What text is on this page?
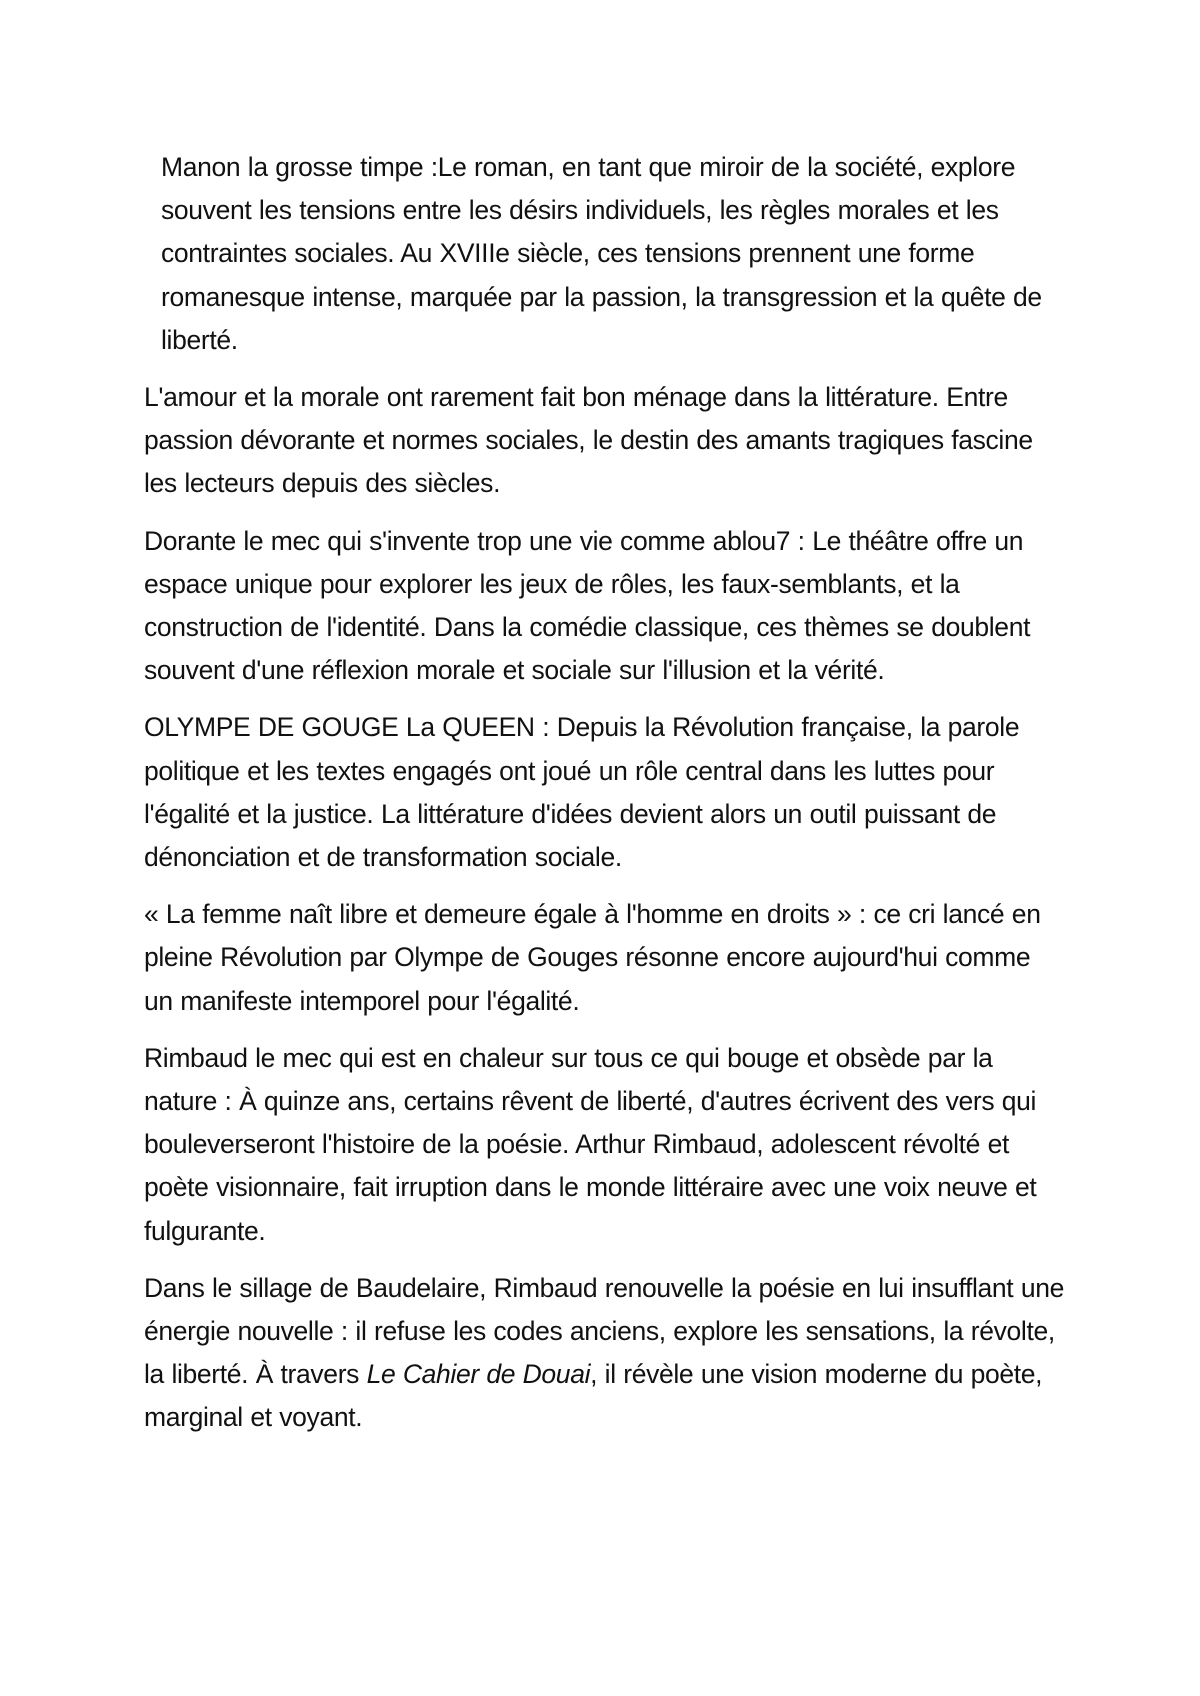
Manon la grosse timpe :Le roman, en tant que miroir de la société, explore souvent les tensions entre les désirs individuels, les règles morales et les contraintes sociales. Au XVIIIe siècle, ces tensions prennent une forme romanesque intense, marquée par la passion, la transgression et la quête de liberté.

L'amour et la morale ont rarement fait bon ménage dans la littérature. Entre passion dévorante et normes sociales, le destin des amants tragiques fascine les lecteurs depuis des siècles.

Dorante le mec qui s'invente trop une vie comme ablou7 : Le théâtre offre un espace unique pour explorer les jeux de rôles, les faux-semblants, et la construction de l'identité. Dans la comédie classique, ces thèmes se doublent souvent d'une réflexion morale et sociale sur l'illusion et la vérité.

OLYMPE DE GOUGE La QUEEN : Depuis la Révolution française, la parole politique et les textes engagés ont joué un rôle central dans les luttes pour l'égalité et la justice. La littérature d'idées devient alors un outil puissant de dénonciation et de transformation sociale.

« La femme naît libre et demeure égale à l'homme en droits » : ce cri lancé en pleine Révolution par Olympe de Gouges résonne encore aujourd'hui comme un manifeste intemporel pour l'égalité.

Rimbaud le mec qui est en chaleur sur tous ce qui bouge et obsède par la nature : À quinze ans, certains rêvent de liberté, d'autres écrivent des vers qui bouleverseront l'histoire de la poésie. Arthur Rimbaud, adolescent révolté et poète visionnaire, fait irruption dans le monde littéraire avec une voix neuve et fulgurante.

Dans le sillage de Baudelaire, Rimbaud renouvelle la poésie en lui insufflant une énergie nouvelle : il refuse les codes anciens, explore les sensations, la révolte, la liberté. À travers Le Cahier de Douai, il révèle une vision moderne du poète, marginal et voyant.
